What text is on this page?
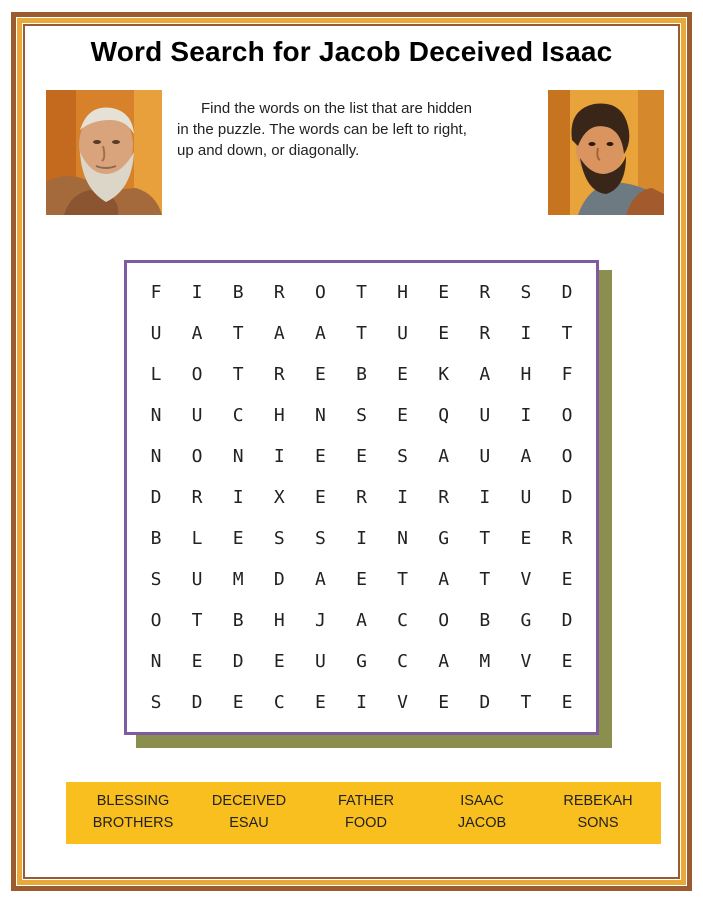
Word Search for Jacob Deceived Isaac
Find the words on the list that are hidden
in the puzzle. The words can be left to right,
up and down, or diagonally.
F	I	B	R	O	T	H	E	R	S	D
U	A	T	A	A	T	U	E	R	I	T
L	O	T	R	E	B	E	K	A	H	F
N	U	C	H	N	S	E	Q	U	I	O
N	O	N	I	E	E	S	A	U	A	O
D	R	I	X	E	R	I	R	I	U	D
B	L	E	S	S	I	N	G	T	E	R
S	U	M	D	A	E	T	A	T	V	E
O	T	B	H	J	A	C	O	B	G	D
N	E	D	E	U	G	C	A	M	V	E
S	D	E	C	E	I	V	E	D	T	E
BLESSING
BROTHERS
DECEIVED
ESAU
FATHER
FOOD
ISAAC
JACOB
REBEKAH
SONS
